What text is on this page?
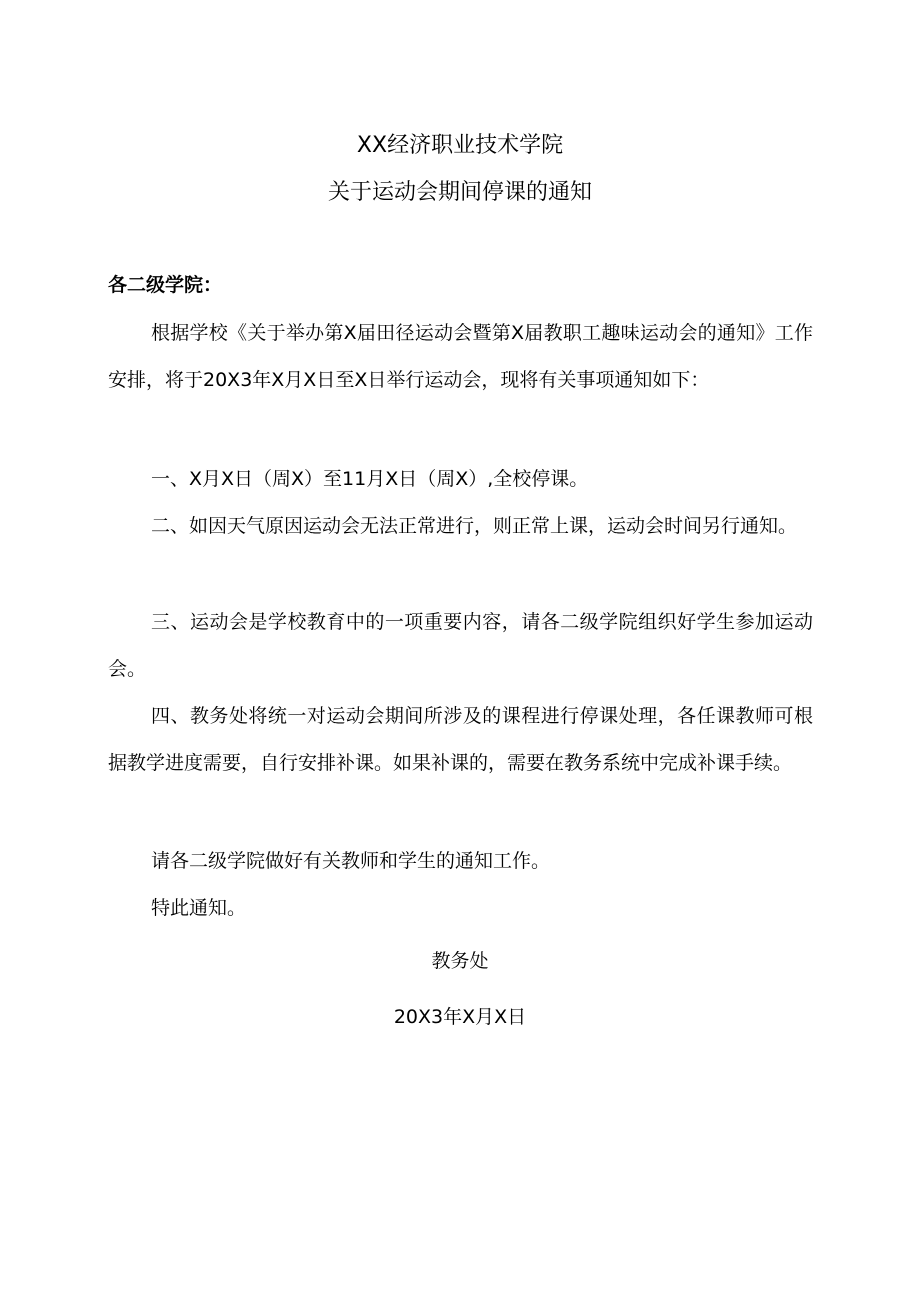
XX经济职业技术学院
关于运动会期间停课的通知
各二级学院：
根据学校《关于举办第X届田径运动会暨第X届教职工趣味运动会的通知》工作安排，将于20X3年X月X日至X日举行运动会，现将有关事项通知如下：
一、X月X日（周X）至11月X日（周X）,全校停课。
二、如因天气原因运动会无法正常进行，则正常上课，运动会时间另行通知。
三、运动会是学校教育中的一项重要内容，请各二级学院组织好学生参加运动会。
四、教务处将统一对运动会期间所涉及的课程进行停课处理，各任课教师可根据教学进度需要，自行安排补课。如果补课的，需要在教务系统中完成补课手续。
请各二级学院做好有关教师和学生的通知工作。
特此通知。
教务处
20X3年X月X日
